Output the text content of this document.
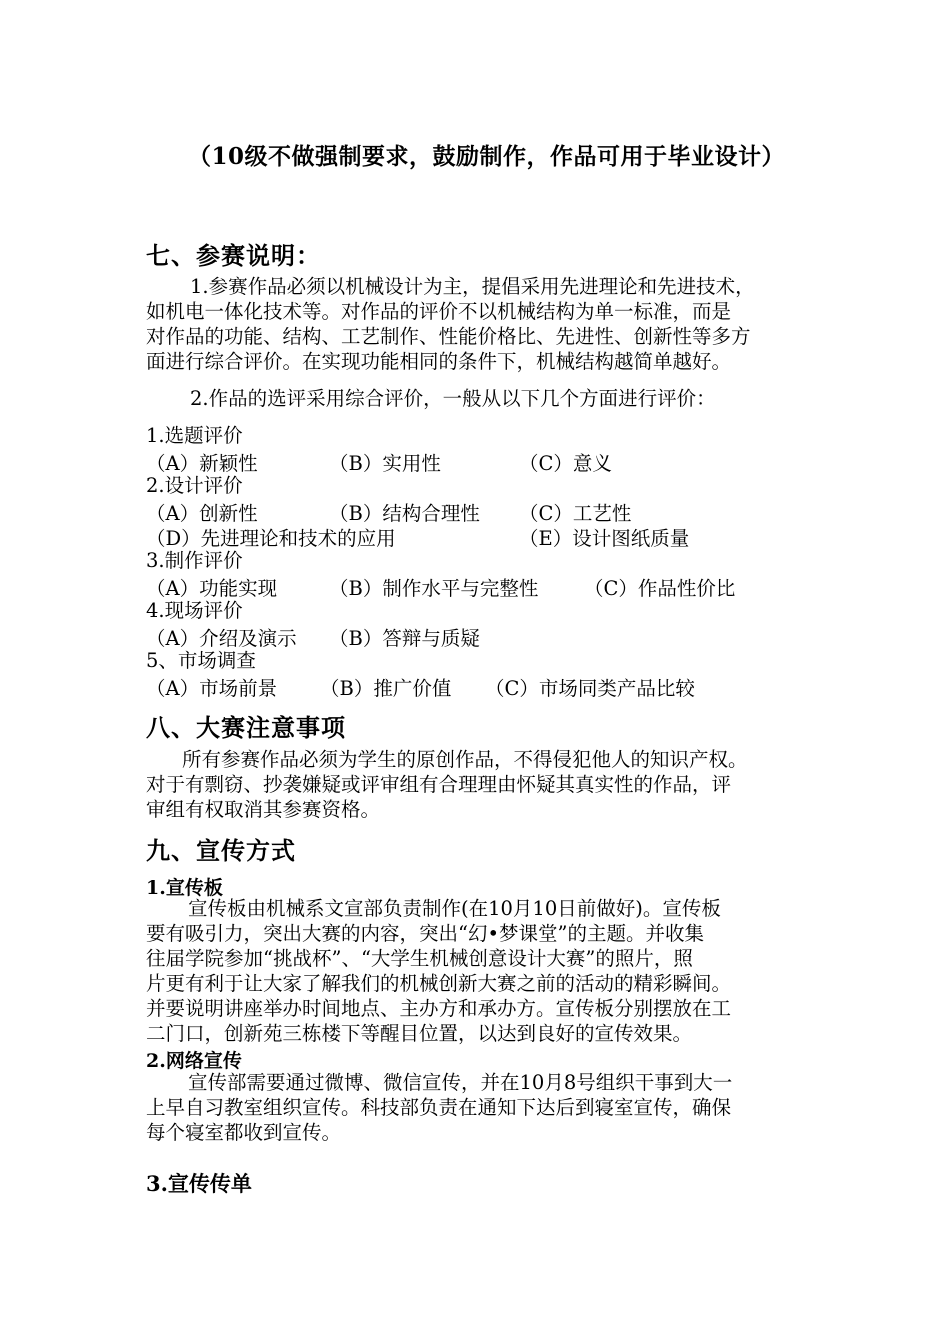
（10级不做强制要求，鼓励制作，作品可用于毕业设计）
七、参赛说明：
1.参赛作品必须以机械设计为主，提倡采用先进理论和先进技术，
如机电一体化技术等。对作品的评价不以机械结构为单一标准，而是
对作品的功能、结构、工艺制作、性能价格比、先进性、创新性等多方
面进行综合评价。在实现功能相同的条件下，机械结构越简单越好。
2.作品的选评采用综合评价，一般从以下几个方面进行评价：
1.选题评价
（A）新颖性	（B）实用性	（C）意义
2.设计评价
（A）创新性	（B）结构合理性 （C）工艺性
（D）先进理论和技术的应用	（E）设计图纸质量
3.制作评价
（A）功能实现	（B）制作水平与完整性 （C）作品性价比
4.现场评价
（A）介绍及演示 （B）答辩与质疑
5、市场调查
（A）市场前景 （B）推广价值 （C）市场同类产品比较
八、大赛注意事项
所有参赛作品必须为学生的原创作品，不得侵犯他人的知识产权。
对于有剽窃、抄袭嫌疑或评审组有合理理由怀疑其真实性的作品，评
审组有权取消其参赛资格。
九、宣传方式
1.宣传板
宣传板由机械系文宣部负责制作(在10月10日前做好)。宣传板
要有吸引力，突出大赛的内容，突出“幻•梦课堂”的主题。并收集
往届学院参加“挑战杯”、“大学生机械创意设计大赛”的照片，照
片更有利于让大家了解我们的机械创新大赛之前的活动的精彩瞬间。
并要说明讲座举办时间地点、主办方和承办方。宣传板分别摆放在工
二门口，创新苑三栋楼下等醒目位置，以达到良好的宣传效果。
2.网络宣传
宣传部需要通过微博、微信宣传，并在10月8号组织干事到大一
上早自习教室组织宣传。科技部负责在通知下达后到寝室宣传，确保
每个寝室都收到宣传。
3.宣传传单
